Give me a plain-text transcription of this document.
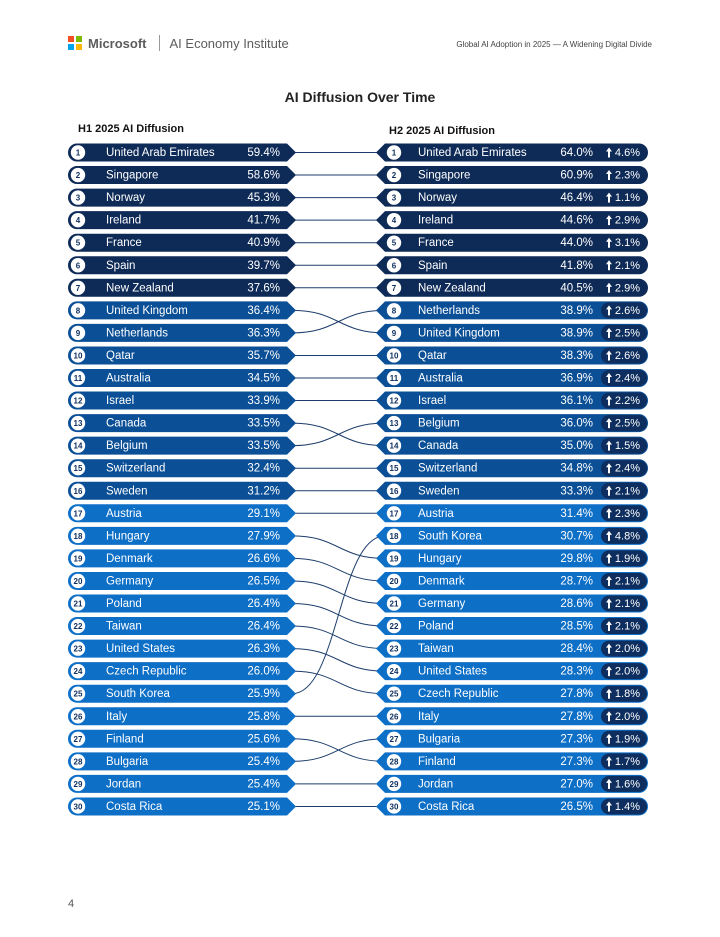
Microsoft AI Economy Institute	Global AI Adoption in 2025 — A Widening Digital Divide
AI Diffusion Over Time
H1 2025 AI Diffusion	H2 2025 AI Diffusion
1 United Arab Emirates	59.4%
2 Singapore	58.6%
3 Norway	45.3%
4 Ireland	41.7%
5 France	40.9%
6 Spain	39.7%
7 New Zealand	37.6%
8 United Kingdom	36.4%
9 Netherlands	36.3%
10 Qatar	35.7%
11 Australia	34.5%
12 Israel	33.9%
13 Canada	33.5%
14 Belgium	33.5%
15 Switzerland	32.4%
16 Sweden	31.2%
17 Austria	29.1%
18 Hungary	27.9%
19 Denmark	26.6%
20 Germany	26.5%
21 Poland	26.4%
22 Taiwan	26.4%
23 United States	26.3%
24 Czech Republic	26.0%
25 South Korea	25.9%
26 Italy	25.8%
27 Finland	25.6%
28 Bulgaria	25.4%
29 Jordan	25.4%
30 Costa Rica	25.1%
1 United Arab Emirates	64.0% 4.6%
2 Singapore	60.9% 2.3%
3 Norway	46.4% 1.1%
4 Ireland	44.6% 2.9%
5 France	44.0% 3.1%
6 Spain	41.8% 2.1%
7 New Zealand	40.5% 2.9%
8 Netherlands	38.9% 2.6%
9 United Kingdom	38.9% 2.5%
10 Qatar	38.3% 2.6%
11 Australia	36.9% 2.4%
12 Israel	36.1% 2.2%
13 Belgium	36.0% 2.5%
14 Canada	35.0% 1.5%
15 Switzerland	34.8% 2.4%
16 Sweden	33.3% 2.1%
17 Austria	31.4% 2.3%
18 South Korea	30.7% 4.8%
19 Hungary	29.8% 1.9%
20 Denmark	28.7% 2.1%
21 Germany	28.6% 2.1%
22 Poland	28.5% 2.1%
23 Taiwan	28.4% 2.0%
24 United States	28.3% 2.0%
25 Czech Republic	27.8% 1.8%
26 Italy	27.8% 2.0%
27 Bulgaria	27.3% 1.9%
28 Finland	27.3% 1.7%
29 Jordan	27.0% 1.6%
30 Costa Rica	26.5% 1.4%
4
